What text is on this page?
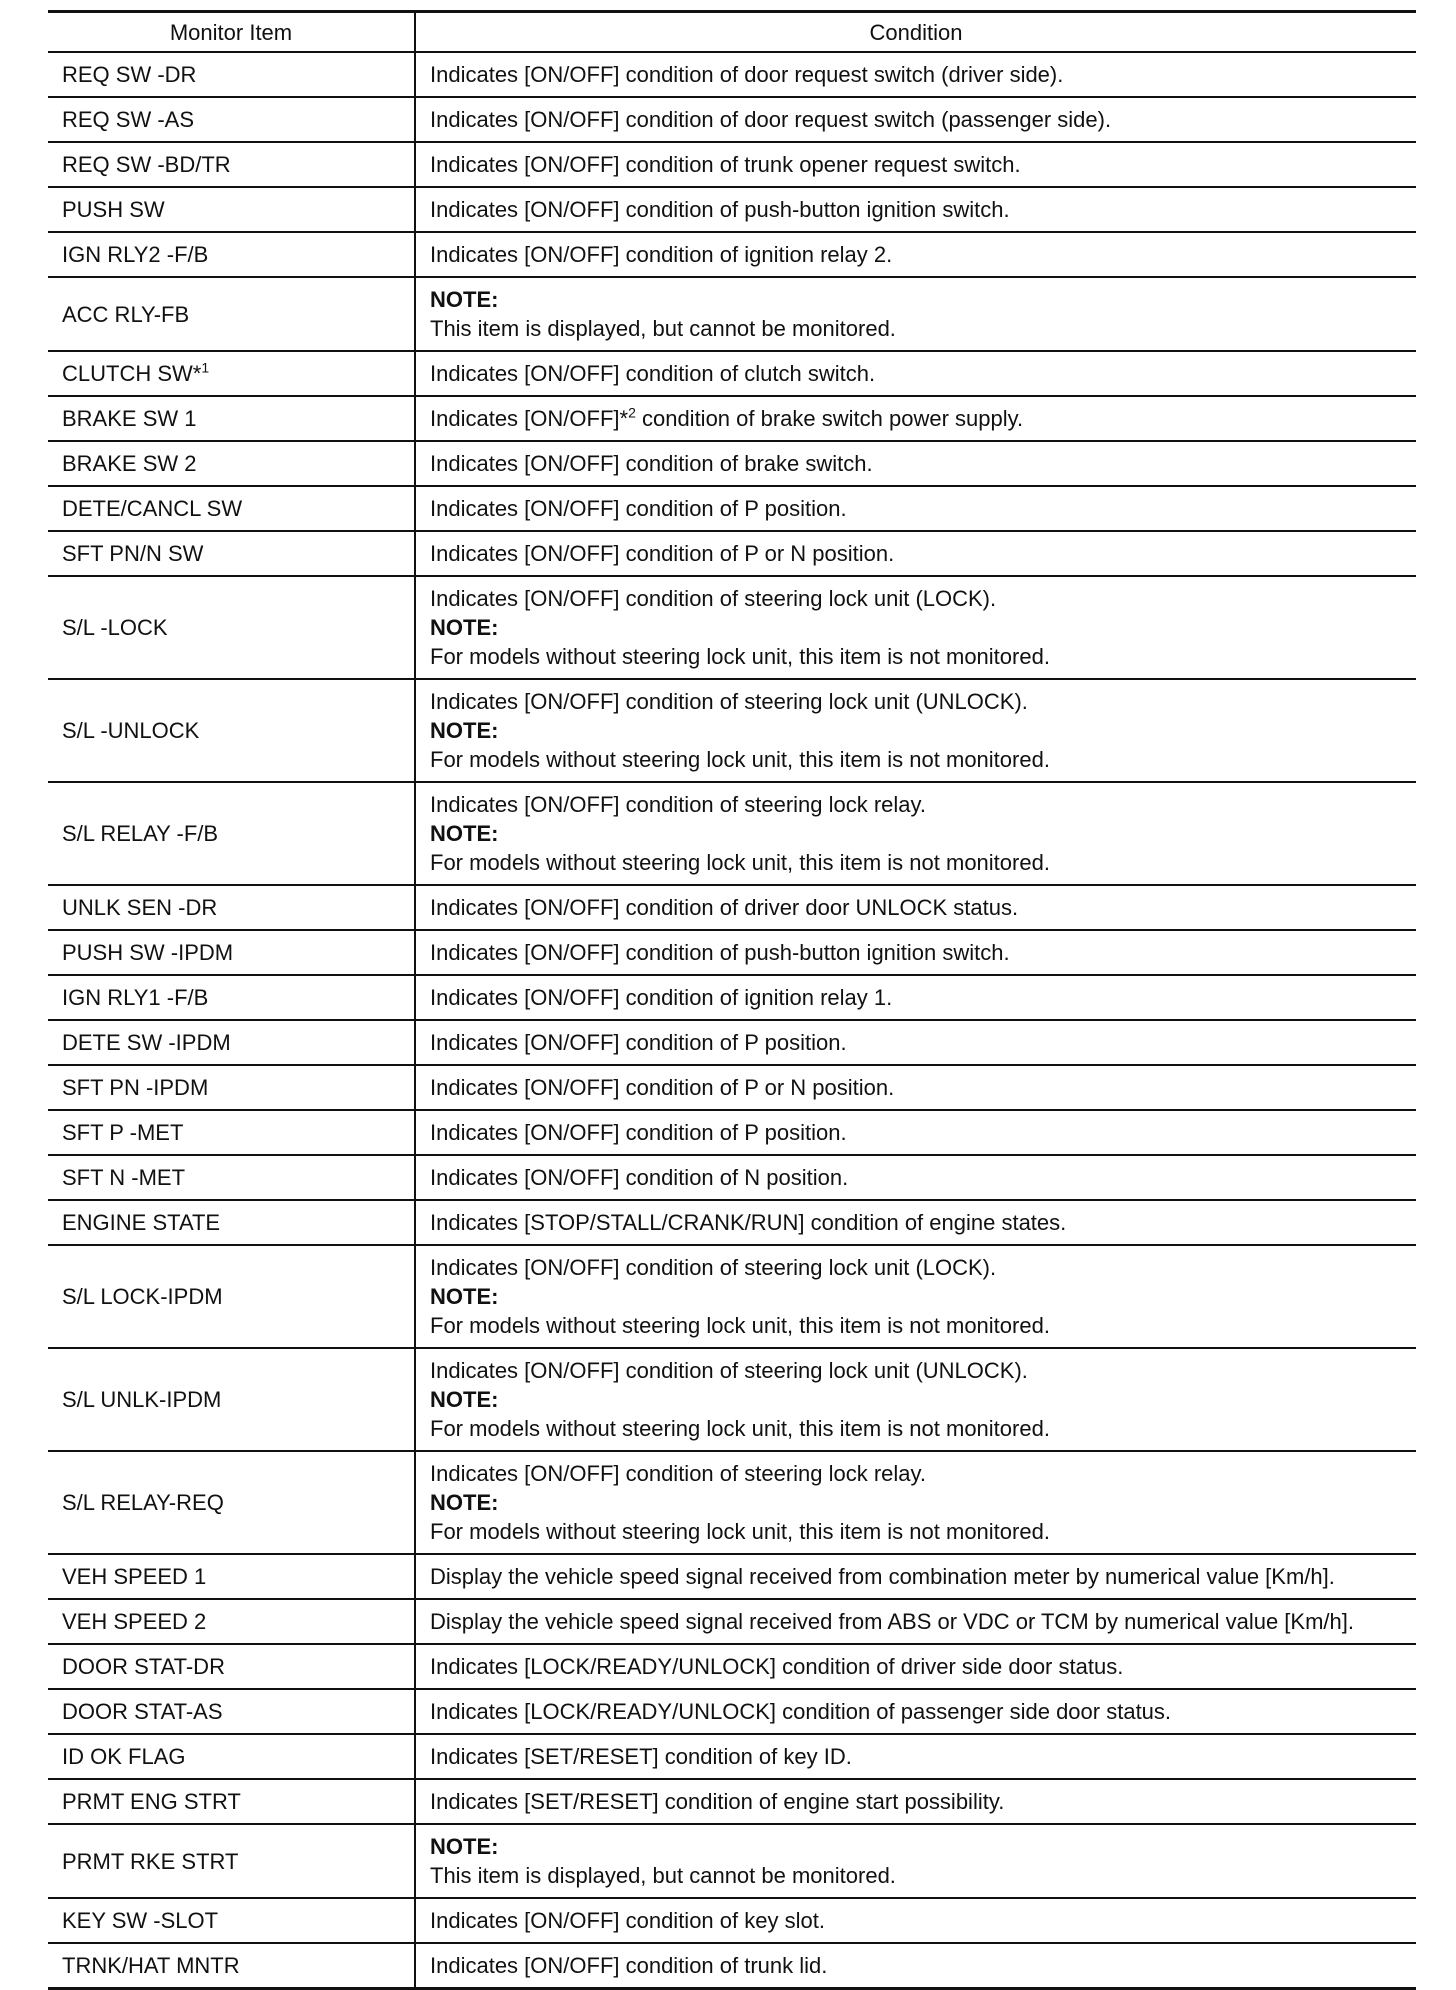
Monitor Item	Condition
REQ SW -DR	Indicates [ON/OFF] condition of door request switch (driver side).

REQ SW -AS	Indicates [ON/OFF] condition of door request switch (passenger side).

REQ SW -BD/TR	Indicates [ON/OFF] condition of trunk opener request switch.

PUSH SW	Indicates [ON/OFF] condition of push-button ignition switch.

IGN RLY2 -F/B	Indicates [ON/OFF] condition of ignition relay 2.

ACC RLY-FB	NOTE:
This item is displayed, but cannot be monitored.

CLUTCH SW*$^1$	Indicates [ON/OFF] condition of clutch switch.

BRAKE SW 1	Indicates [ON/OFF]*$^2$ condition of brake switch power supply.

BRAKE SW 2	Indicates [ON/OFF] condition of brake switch.

DETE/CANCL SW	Indicates [ON/OFF] condition of P position.

SFT PN/N SW	Indicates [ON/OFF] condition of P or N position.

S/L -LOCK	Indicates [ON/OFF] condition of steering lock unit (LOCK).
NOTE:
For models without steering lock unit, this item is not monitored.

S/L -UNLOCK	Indicates [ON/OFF] condition of steering lock unit (UNLOCK).
NOTE:
For models without steering lock unit, this item is not monitored.

S/L RELAY -F/B	Indicates [ON/OFF] condition of steering lock relay.
NOTE:
For models without steering lock unit, this item is not monitored.

UNLK SEN -DR	Indicates [ON/OFF] condition of driver door UNLOCK status.

PUSH SW -IPDM	Indicates [ON/OFF] condition of push-button ignition switch.

IGN RLY1 -F/B	Indicates [ON/OFF] condition of ignition relay 1.

DETE SW -IPDM	Indicates [ON/OFF] condition of P position.

SFT PN -IPDM	Indicates [ON/OFF] condition of P or N position.

SFT P -MET	Indicates [ON/OFF] condition of P position.

SFT N -MET	Indicates [ON/OFF] condition of N position.

ENGINE STATE	Indicates [STOP/STALL/CRANK/RUN] condition of engine states.

S/L LOCK-IPDM	Indicates [ON/OFF] condition of steering lock unit (LOCK).
NOTE:
For models without steering lock unit, this item is not monitored.

S/L UNLK-IPDM	Indicates [ON/OFF] condition of steering lock unit (UNLOCK).
NOTE:
For models without steering lock unit, this item is not monitored.

S/L RELAY-REQ	Indicates [ON/OFF] condition of steering lock relay.
NOTE:
For models without steering lock unit, this item is not monitored.

VEH SPEED 1	Display the vehicle speed signal received from combination meter by numerical value [Km/h].

VEH SPEED 2	Display the vehicle speed signal received from ABS or VDC or TCM by numerical value [Km/h].

DOOR STAT-DR	Indicates [LOCK/READY/UNLOCK] condition of driver side door status.

DOOR STAT-AS	Indicates [LOCK/READY/UNLOCK] condition of passenger side door status.

ID OK FLAG	Indicates [SET/RESET] condition of key ID.

PRMT ENG STRT	Indicates [SET/RESET] condition of engine start possibility.

PRMT RKE STRT	NOTE:
This item is displayed, but cannot be monitored.

KEY SW -SLOT	Indicates [ON/OFF] condition of key slot.

TRNK/HAT MNTR	Indicates [ON/OFF] condition of trunk lid.
